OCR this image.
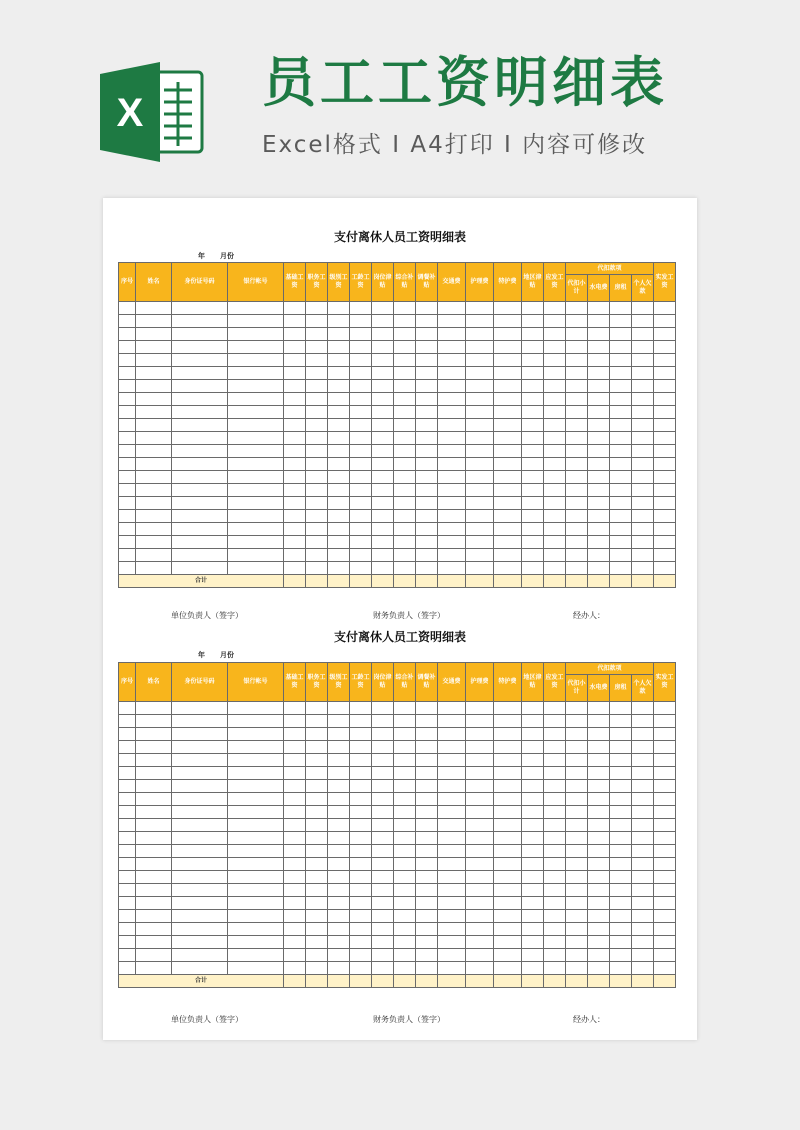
X 员工工资明细表
Excel格式 I A4打印 I 内容可修改
支付离休人员工资明细表
年 月份
序号	姓名	身份证号码	银行帐号	基础工资	职务工资	级别工资	工龄工资	岗位津贴	综合补贴	调餐补贴	交通费	护理费	特护费	地区津贴	应发工资	代扣款项				实发工资
																代扣小计	水电费	房租	个人欠款	

合计																				
单位负责人（签字）	财务负责人（签字）	经办人：
支付离休人员工资明细表
年 月份
序号	姓名	身份证号码	银行帐号	基础工资	职务工资	级别工资	工龄工资	岗位津贴	综合补贴	调餐补贴	交通费	护理费	特护费	地区津贴	应发工资	代扣款项				实发工资
																代扣小计	水电费	房租	个人欠款	

合计																				
单位负责人（签字）	财务负责人（签字）	经办人：
